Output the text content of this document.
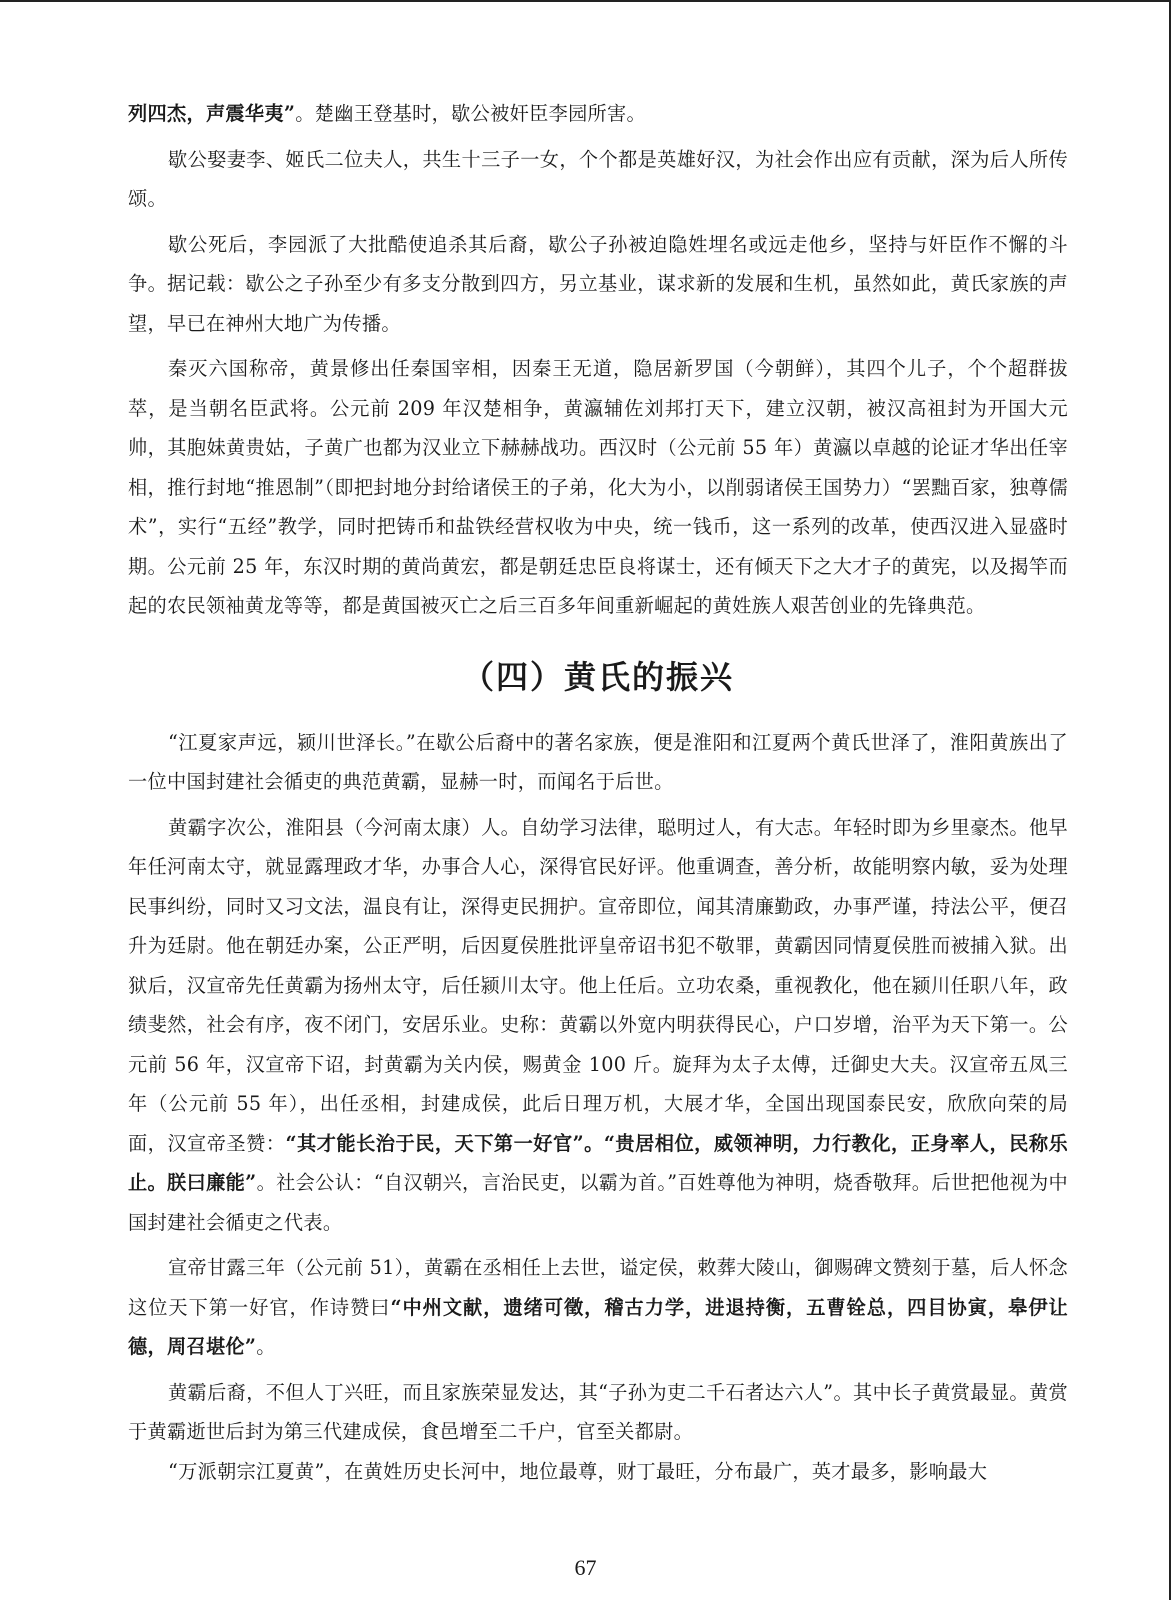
列四杰，声震华夷”。楚幽王登基时，歇公被奸臣李园所害。

歇公娶妻李、姬氏二位夫人，共生十三子一女，个个都是英雄好汉，为社会作出应有贡献，深为后人所传颂。

歇公死后，李园派了大批酷使追杀其后裔，歇公子孙被迫隐姓埋名或远走他乡，坚持与奸臣作不懈的斗争。据记载：歇公之子孙至少有多支分散到四方，另立基业，谋求新的发展和生机，虽然如此，黄氏家族的声望，早已在神州大地广为传播。

秦灭六国称帝，黄景修出任秦国宰相，因秦王无道，隐居新罗国（今朝鲜），其四个儿子，个个超群拔萃，是当朝名臣武将。公元前 209 年汉楚相争，黄瀛辅佐刘邦打天下，建立汉朝，被汉高祖封为开国大元帅，其胞妹黄贵姑，子黄广也都为汉业立下赫赫战功。西汉时（公元前 55 年）黄瀛以卓越的论证才华出任宰相，推行封地“推恩制”（即把封地分封给诸侯王的子弟，化大为小，以削弱诸侯王国势力）“罢黜百家，独尊儒术”，实行“五经”教学，同时把铸币和盐铁经营权收为中央，统一钱币，这一系列的改革，使西汉进入显盛时期。公元前 25 年，东汉时期的黄尚黄宏，都是朝廷忠臣良将谋士，还有倾天下之大才子的黄宪，以及揭竿而起的农民领袖黄龙等等，都是黄国被灭亡之后三百多年间重新崛起的黄姓族人艰苦创业的先锋典范。

（四）黄氏的振兴

“江夏家声远，颍川世泽长。”在歇公后裔中的著名家族，便是淮阳和江夏两个黄氏世泽了，淮阳黄族出了一位中国封建社会循吏的典范黄霸，显赫一时，而闻名于后世。

黄霸字次公，淮阳县（今河南太康）人。自幼学习法律，聪明过人，有大志。年轻时即为乡里豪杰。他早年任河南太守，就显露理政才华，办事合人心，深得官民好评。他重调查，善分析，故能明察内敏，妥为处理民事纠纷，同时又习文法，温良有让，深得吏民拥护。宣帝即位，闻其清廉勤政，办事严谨，持法公平，便召升为廷尉。他在朝廷办案，公正严明，后因夏侯胜批评皇帝诏书犯不敬罪，黄霸因同情夏侯胜而被捕入狱。出狱后，汉宣帝先任黄霸为扬州太守，后任颍川太守。他上任后。立功农桑，重视教化，他在颍川任职八年，政绩斐然，社会有序，夜不闭门，安居乐业。史称：黄霸以外宽内明获得民心，户口岁增，治平为天下第一。公元前 56 年，汉宣帝下诏，封黄霸为关内侯，赐黄金 100 斤。旋拜为太子太傅，迁御史大夫。汉宣帝五凤三年（公元前 55 年），出任丞相，封建成侯，此后日理万机，大展才华，全国出现国泰民安，欣欣向荣的局面，汉宣帝圣赞：“其才能长治于民，天下第一好官”。“贵居相位，威领神明，力行教化，正身率人，民称乐止。朕曰廉能”。社会公认：“自汉朝兴，言治民吏，以霸为首。”百姓尊他为神明，烧香敬拜。后世把他视为中国封建社会循吏之代表。

宣帝甘露三年（公元前 51），黄霸在丞相任上去世，谥定侯，敕葬大陵山，御赐碑文赞刻于墓，后人怀念这位天下第一好官，作诗赞曰“中州文献，遗绪可徵，稽古力学，进退持衡，五曹铨总，四目协寅，皋伊让德，周召堪伦”。

黄霸后裔，不但人丁兴旺，而且家族荣显发达，其“子孙为吏二千石者达六人”。其中长子黄赏最显。黄赏于黄霸逝世后封为第三代建成侯，食邑增至二千户，官至关都尉。

“万派朝宗江夏黄”，在黄姓历史长河中，地位最尊，财丁最旺，分布最广，英才最多，影响最大

67
